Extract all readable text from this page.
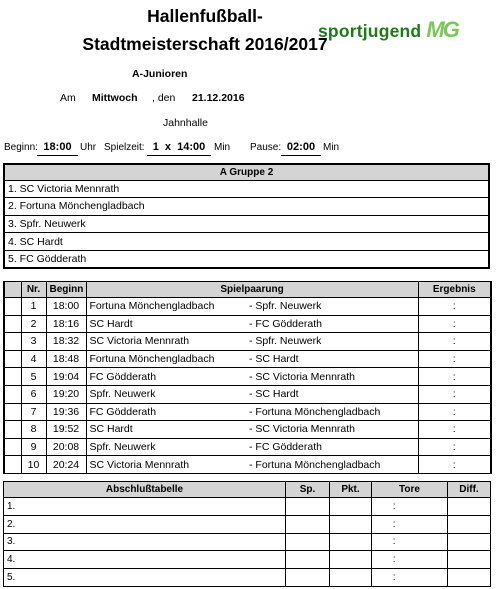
Hallenfußball-
Stadtmeisterschaft 2016/2017
sportjugend MG
A-Junioren
Am Mittwoch , den 21.12.2016
Jahnhalle
Beginn: 18:00 Uhr Spielzeit: 1  x  14:00 Min Pause: 02:00 Min
A Gruppe 2
1. SC Victoria Mennrath
2. Fortuna Mönchengladbach
3. Spfr. Neuwerk
4. SC Hardt
5. FC Gödderath
	Nr.	Beginn	Spielpaarung		Ergebnis
	1	18:00	Fortuna Mönchengladbach	- Spfr. Neuwerk	:
	2	18:16	SC Hardt	- FC Gödderath	:
	3	18:32	SC Victoria Mennrath	- Spfr. Neuwerk	:
	4	18:48	Fortuna Mönchengladbach	- SC Hardt	:
	5	19:04	FC Gödderath	- SC Victoria Mennrath	:
	6	19:20	Spfr. Neuwerk	- SC Hardt	:
	7	19:36	FC Gödderath	- Fortuna Mönchengladbach	:
	8	19:52	SC Hardt	- SC Victoria Mennrath	:
	9	20:08	Spfr. Neuwerk	- FC Gödderath	:
	10	20:24	SC Victoria Mennrath	- Fortuna Mönchengladbach	:
Abschlußtabelle	Sp.	Pkt.	Tore		Diff.
1.			:		
2.			:		
3.			:		
4.			:		
5.			:		
